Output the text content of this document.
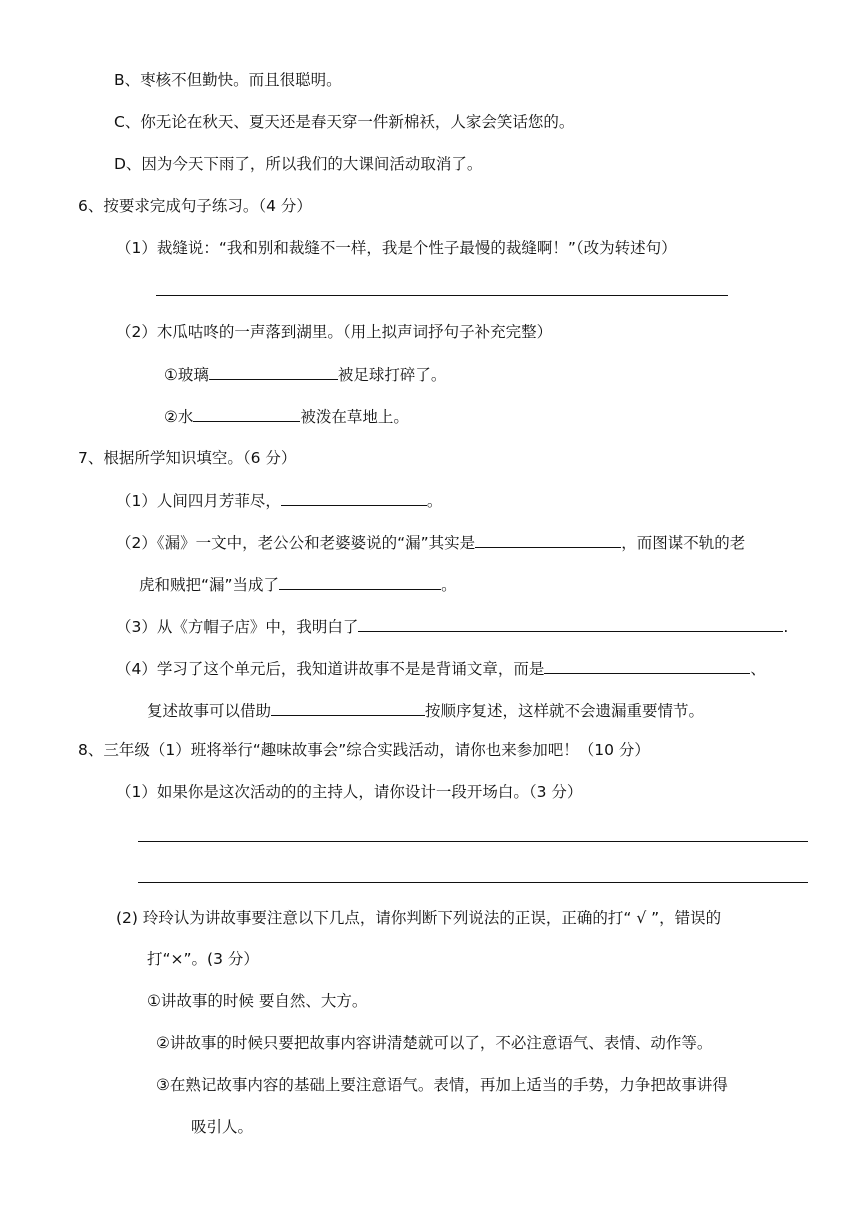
B、枣核不但勤快。而且很聪明。
C、你无论在秋天、夏天还是春天穿一件新棉袄，人家会笑话您的。
D、因为今天下雨了，所以我们的大课间活动取消了。
6、按要求完成句子练习。（4 分）
（1）裁缝说：“我和别和裁缝不一样，我是个性子最慢的裁缝啊！”（改为转述句）
（2）木瓜咕咚的一声落到湖里。（用上拟声词抒句子补充完整）
①玻璃	被足球打碎了。
②水	被泼在草地上。
7、根据所学知识填空。（6 分）
（1）人间四月芳菲尽，	。
（2）《漏》一文中，老公公和老婆婆说的“漏”其实是	，而图谋不轨的老
虎和贼把“漏”当成了	。
（3）从《方帽子店》中，我明白了	.
（4）学习了这个单元后，我知道讲故事不是是背诵文章，而是	、
复述故事可以借助	按顺序复述，这样就不会遗漏重要情节。
8、三年级（1）班将举行“趣味故事会”综合实践活动，请你也来参加吧！（10 分）
（1）如果你是这次活动的的主持人，请你设计一段开场白。（3 分）
(2) 玲玲认为讲故事要注意以下几点，请你判断下列说法的正误，正确的打“ √ ”，错误的
打“×”。(3 分）
①讲故事的时候 要自然、大方。
②讲故事的时候只要把故事内容讲清楚就可以了，不必注意语气、表情、动作等。
③在熟记故事内容的基础上要注意语气。表情，再加上适当的手势，力争把故事讲得
吸引人。
